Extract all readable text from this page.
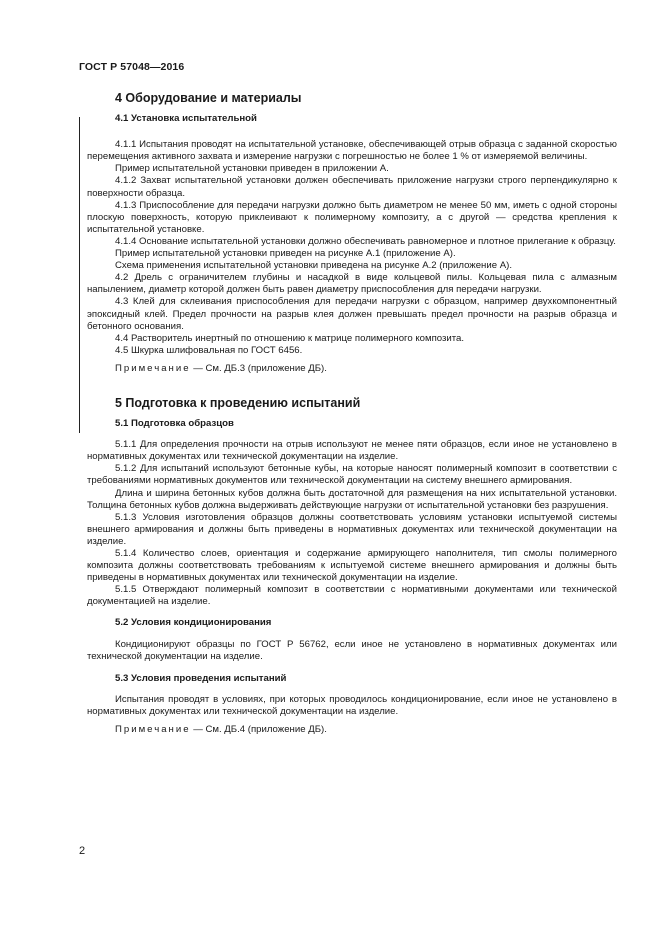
ГОСТ Р 57048—2016
4 Оборудование и материалы
4.1 Установка испытательной

4.1.1 Испытания проводят на испытательной установке, обеспечивающей отрыв образца с заданной скоростью перемещения активного захвата и измерение нагрузки с погрешностью не более 1 % от измеряемой величины.

Пример испытательной установки приведен в приложении А.

4.1.2 Захват испытательной установки должен обеспечивать приложение нагрузки строго перпендикулярно к поверхности образца.

4.1.3 Приспособление для передачи нагрузки должно быть диаметром не менее 50 мм, иметь с одной стороны плоскую поверхность, которую приклеивают к полимерному композиту, а с другой — средства крепления к испытательной установке.

4.1.4 Основание испытательной установки должно обеспечивать равномерное и плотное прилегание к образцу.

Пример испытательной установки приведен на рисунке А.1 (приложение А).

Схема применения испытательной установки приведена на рисунке А.2 (приложение А).

4.2 Дрель с ограничителем глубины и насадкой в виде кольцевой пилы. Кольцевая пила с алмазным напылением, диаметр которой должен быть равен диаметру приспособления для передачи нагрузки.

4.3 Клей для склеивания приспособления для передачи нагрузки с образцом, например двухкомпонентный эпоксидный клей. Предел прочности на разрыв клея должен превышать предел прочности на разрыв образца и бетонного основания.

4.4 Растворитель инертный по отношению к матрице полимерного композита.

4.5 Шкурка шлифовальная по ГОСТ 6456.

Примечание — См. ДБ.3 (приложение ДБ).
5 Подготовка к проведению испытаний
5.1 Подготовка образцов

5.1.1 Для определения прочности на отрыв используют не менее пяти образцов, если иное не установлено в нормативных документах или технической документации на изделие.

5.1.2 Для испытаний используют бетонные кубы, на которые наносят полимерный композит в соответствии с требованиями нормативных документов или технической документации на систему внешнего армирования.

Длина и ширина бетонных кубов должна быть достаточной для размещения на них испытательной установки. Толщина бетонных кубов должна выдерживать действующие нагрузки от испытательной установки без разрушения.

5.1.3 Условия изготовления образцов должны соответствовать условиям установки испытуемой системы внешнего армирования и должны быть приведены в нормативных документах или технической документации на изделие.

5.1.4 Количество слоев, ориентация и содержание армирующего наполнителя, тип смолы полимерного композита должны соответствовать требованиям к испытуемой системе внешнего армирования и должны быть приведены в нормативных документах или технической документации на изделие.

5.1.5 Отверждают полимерный композит в соответствии с нормативными документами или технической документацией на изделие.

5.2 Условия кондиционирования

Кондиционируют образцы по ГОСТ Р 56762, если иное не установлено в нормативных документах или технической документации на изделие.

5.3 Условия проведения испытаний

Испытания проводят в условиях, при которых проводилось кондиционирование, если иное не установлено в нормативных документах или технической документации на изделие.

Примечание — См. ДБ.4 (приложение ДБ).
2
